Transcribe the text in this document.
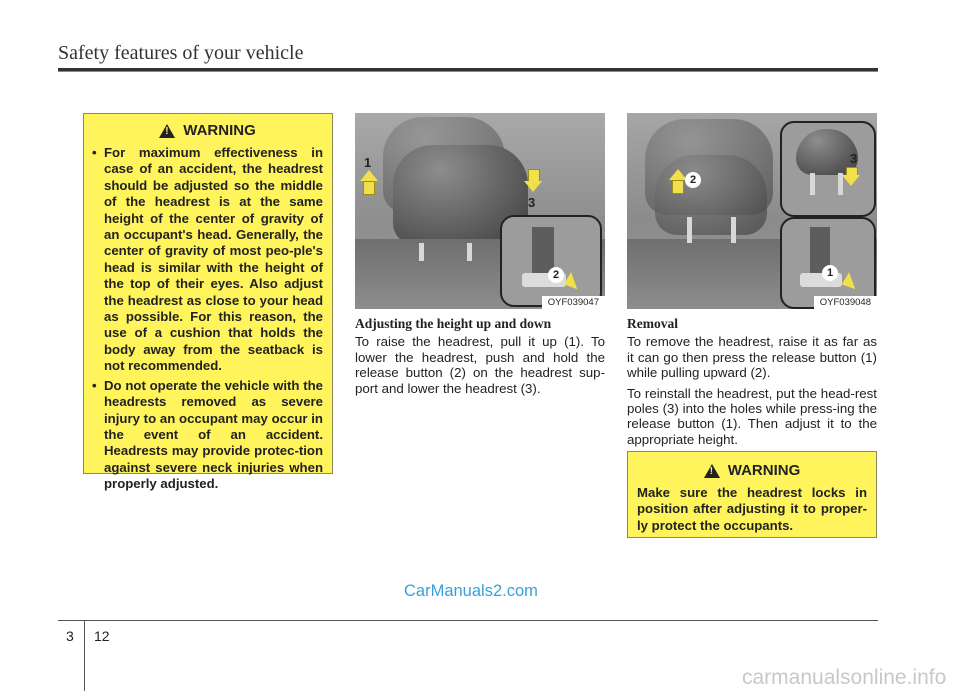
Safety features of your vehicle
!
WARNING
• For maximum effectiveness in case of an accident, the headrest should be adjusted so the middle of the headrest is at the same height of the center of gravity of an occupant's head. Generally, the center of gravity of most peo-ple's head is similar with the height of the top of their eyes. Also adjust the headrest as close to your head as possible. For this reason, the use of a cushion that holds the body away from the seatback is not recommended.
• Do not operate the vehicle with the headrests removed as severe injury to an occupant may occur in the event of an accident. Headrests may provide protec-tion against severe neck injuries when properly adjusted.
1
3
2
OYF039047
Adjusting the height up and down

To raise the headrest, pull it up (1). To lower the headrest, push and hold the release button (2) on the headrest sup-port and lower the headrest (3).

2
3
1
OYF039048
Removal

To remove the headrest, raise it as far as it can go then press the release button (1) while pulling upward (2).

To reinstall the headrest, put the head-rest poles (3) into the holes while press-ing the release button (1). Then adjust it to the appropriate height.

!
WARNING
Make sure the headrest locks in position after adjusting it to proper-ly protect the occupants.
CarManuals2.com
3 12
carmanualsonline.info
